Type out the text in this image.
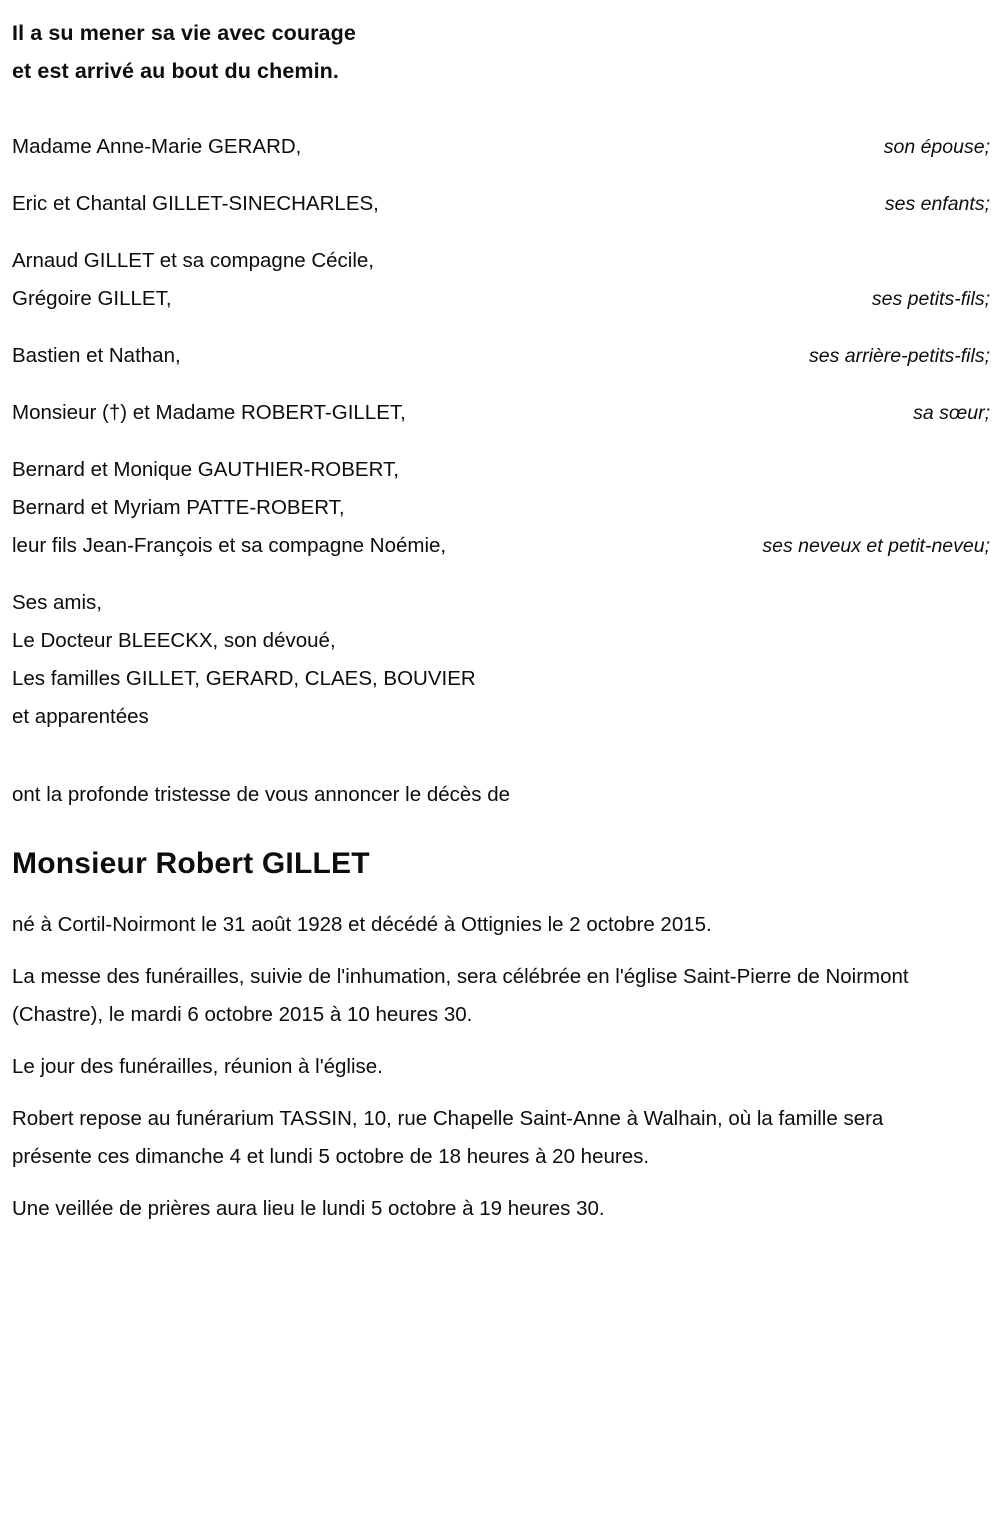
Il a su mener sa vie avec courage
et est arrivé au bout du chemin.
Madame Anne-Marie GERARD,	son épouse;
Eric et Chantal GILLET-SINECHARLES,	ses enfants;
Arnaud GILLET et sa compagne Cécile,
Grégoire GILLET,	ses petits-fils;
Bastien et Nathan,	ses arrière-petits-fils;
Monsieur (†) et Madame ROBERT-GILLET,	sa sœur;
Bernard et Monique GAUTHIER-ROBERT,
Bernard et Myriam PATTE-ROBERT,
leur fils Jean-François et sa compagne Noémie,	ses neveux et petit-neveu;
Ses amis,
Le Docteur BLEECKX, son dévoué,
Les familles GILLET, GERARD, CLAES, BOUVIER
et apparentées
ont la profonde tristesse de vous annoncer le décès de
Monsieur Robert GILLET

né à Cortil-Noirmont le 31 août 1928 et décédé à Ottignies le 2 octobre 2015.

La messe des funérailles, suivie de l'inhumation, sera célébrée en l'église Saint-Pierre de Noirmont (Chastre), le mardi 6 octobre 2015 à 10 heures 30.

Le jour des funérailles, réunion à l'église.

Robert repose au funérarium TASSIN, 10, rue Chapelle Saint-Anne à Walhain, où la famille sera présente ces dimanche 4 et lundi 5 octobre de 18 heures à 20 heures.

Une veillée de prières aura lieu le lundi 5 octobre à 19 heures 30.
